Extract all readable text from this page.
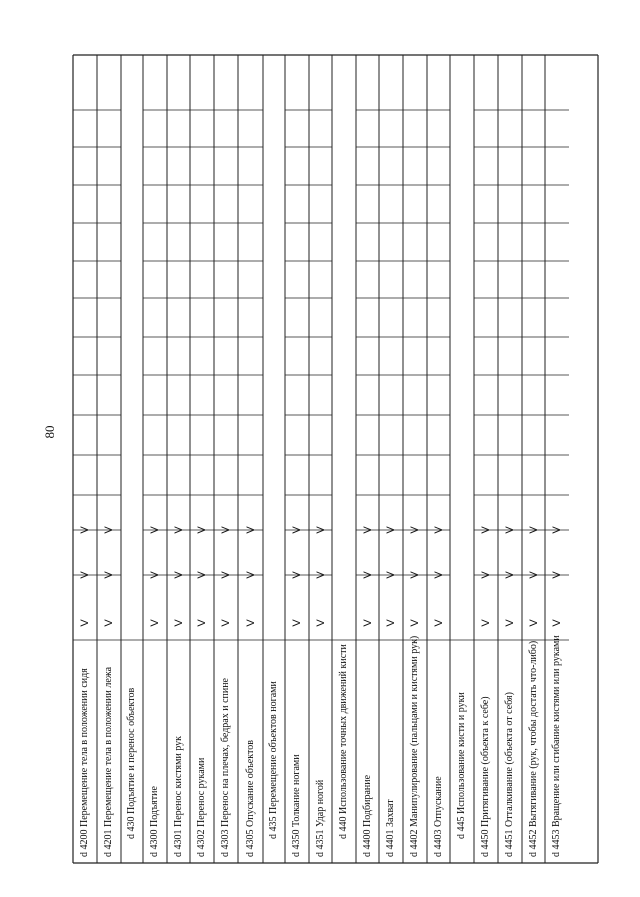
80
d 4200 Перемещение тела в положении сидя
V
V
V
d 4201 Перемещение тела в положении лежа
V
V
V
d 430 Подъятие и перенос объектов d 4300 Подъятие
V
V
V
d 4301 Перенос кистями рук
V
V
V
d 4302 Перенос руками
V
V
V
d 4303 Перенос на плечах, бедрах и спине
V
V
V
d 4305 Опускание объектов
V
V
V
d 435 Перемещение объектов ногами d 4350 Толкание ногами
V
V
V
d 4351 Удар ногой
V
V
V
d 440 Использование точных движений кисти d 4400 Подбирание
V
V
V
d 4401 Захват
V
V
V
d 4402 Манипулирование (пальцами и кистями рук)
V
V
V
d 4403 Отпускание
V
V
V
d 445 Использование кисти и руки d 4450 Притягивание (объекта к себе)
V
V
V
d 4451 Отталкивание (объекта от себя)
V
V
V
d 4452 Вытягивание (рук, чтобы достать что-либо)
V
V
V
d 4453 Вращение или сгибание кистями или руками
V
V
V
